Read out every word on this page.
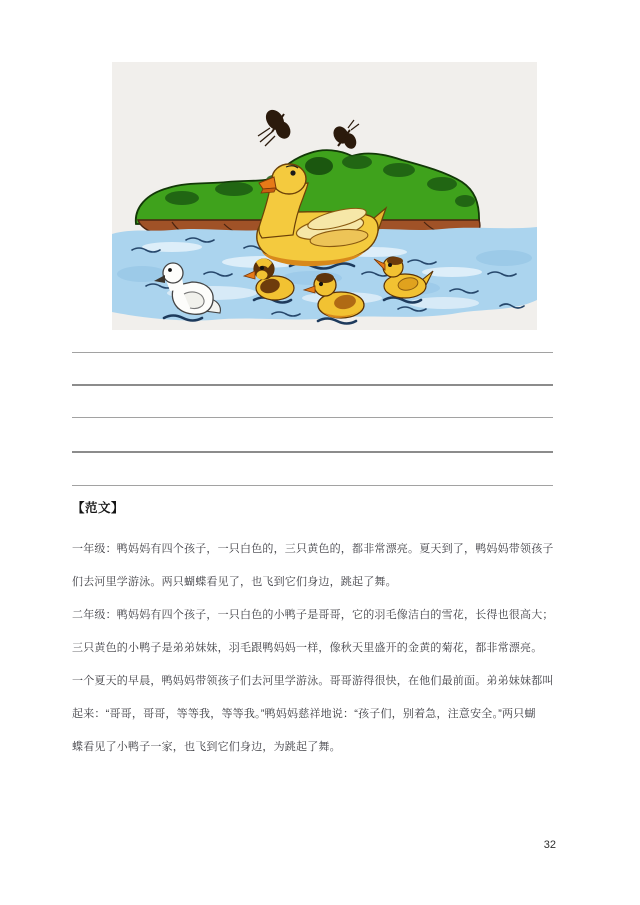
【范文】
一年级：鸭妈妈有四个孩子，一只白色的，三只黄色的，都非常漂亮。夏天到了，鸭妈妈带领孩子
们去河里学游泳。两只蝴蝶看见了，也飞到它们身边，跳起了舞。
二年级：鸭妈妈有四个孩子，一只白色的小鸭子是哥哥，它的羽毛像洁白的雪花，长得也很高大；
三只黄色的小鸭子是弟弟妹妹，羽毛跟鸭妈妈一样，像秋天里盛开的金黄的菊花，都非常漂亮。
一个夏天的早晨，鸭妈妈带领孩子们去河里学游泳。哥哥游得很快，在他们最前面。弟弟妹妹都叫
起来：“哥哥，哥哥，等等我，等等我。”鸭妈妈慈祥地说：“孩子们，别着急，注意安全。”两只蝴
蝶看见了小鸭子一家，也飞到它们身边，为跳起了舞。
32
